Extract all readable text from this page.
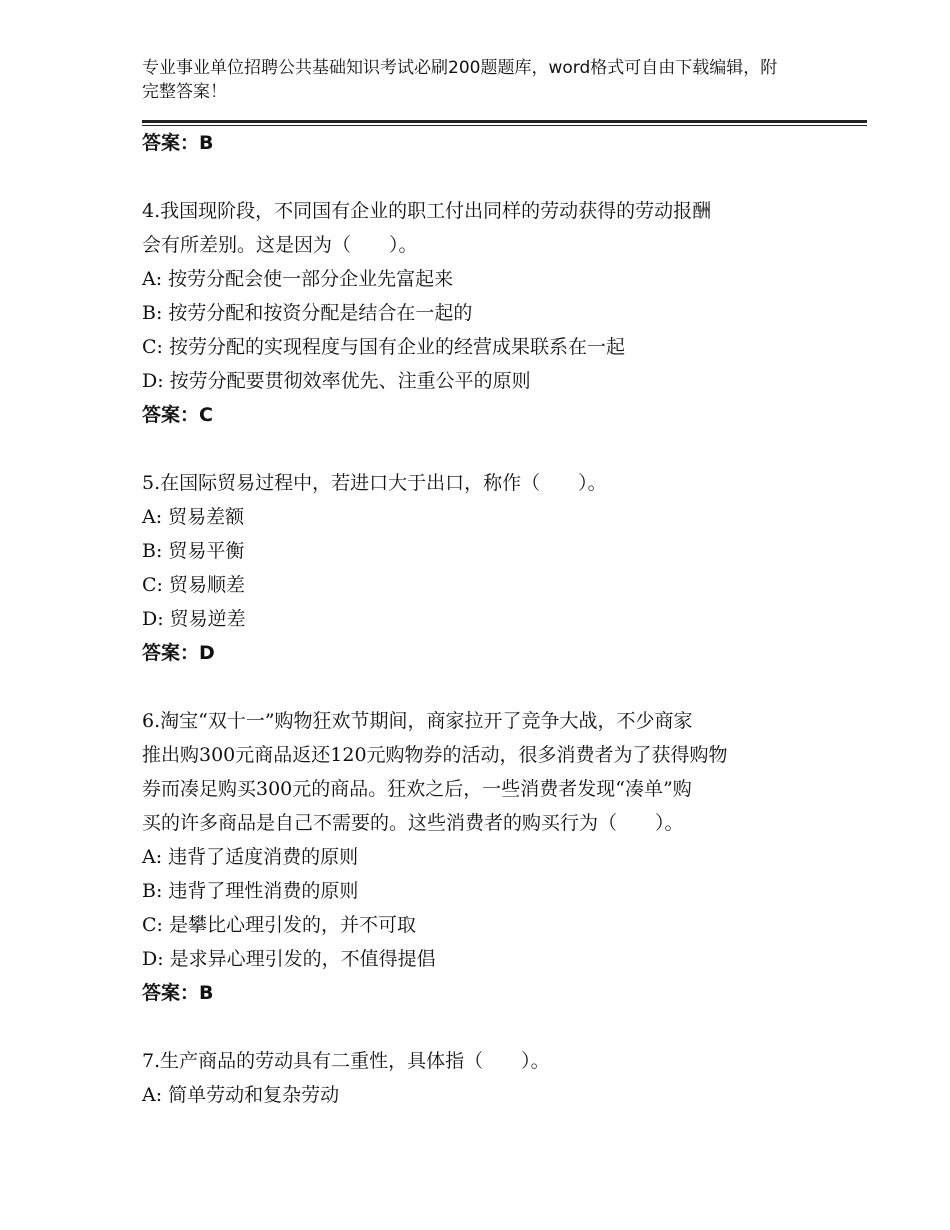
专业事业单位招聘公共基础知识考试必刷200题题库，word格式可自由下载编辑，附完整答案！
答案：B
4.我国现阶段，不同国有企业的职工付出同样的劳动获得的劳动报酬
会有所差别。这是因为（　　）。
A: 按劳分配会使一部分企业先富起来
B: 按劳分配和按资分配是结合在一起的
C: 按劳分配的实现程度与国有企业的经营成果联系在一起
D: 按劳分配要贯彻效率优先、注重公平的原则
答案：C
5.在国际贸易过程中，若进口大于出口，称作（　　）。
A: 贸易差额
B: 贸易平衡
C: 贸易顺差
D: 贸易逆差
答案：D
6.淘宝“双十一”购物狂欢节期间，商家拉开了竞争大战，不少商家
推出购300元商品返还120元购物券的活动，很多消费者为了获得购物
券而凑足购买300元的商品。狂欢之后，一些消费者发现“凑单”购
买的许多商品是自己不需要的。这些消费者的购买行为（　　）。
A: 违背了适度消费的原则
B: 违背了理性消费的原则
C: 是攀比心理引发的，并不可取
D: 是求异心理引发的，不值得提倡
答案：B
7.生产商品的劳动具有二重性，具体指（　　）。
A: 简单劳动和复杂劳动
